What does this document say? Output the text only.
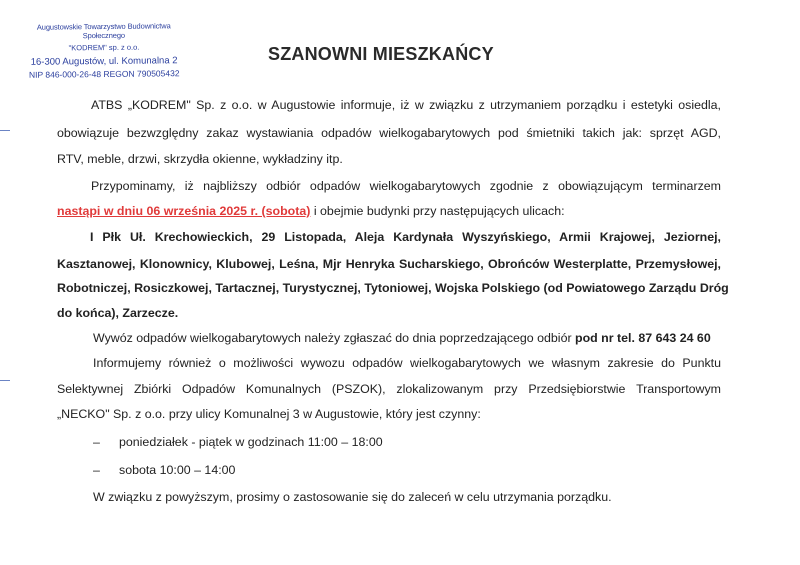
Augustowskie Towarzystwo Budownictwa Społecznego
"KODREM" sp. z o.o.
16-300 Augustów, ul. Komunalna 2
NIP 846-000-26-48 REGON 790505432
SZANOWNI MIESZKAŃCY
ATBS „KODREM" Sp. z o.o. w Augustowie informuje, iż w związku z utrzymaniem porządku i estetyki osiedla,
obowiązuje bezwzględny zakaz wystawiania odpadów wielkogabarytowych pod śmietniki takich jak: sprzęt AGD,
RTV, meble, drzwi, skrzydła okienne, wykładziny itp.
Przypominamy, iż najbliższy odbiór odpadów wielkogabarytowych zgodnie z obowiązującym terminarzem
nastąpi w dniu 06 września 2025 r. (sobota) i obejmie budynki przy następujących ulicach:
I Płk Uł. Krechowieckich, 29 Listopada, Aleja Kardynała Wyszyńskiego, Armii Krajowej, Jeziornej,
Kasztanowej, Klonownicy, Klubowej, Leśna, Mjr Henryka Sucharskiego, Obrońców Westerplatte, Przemysłowej,
Robotniczej, Rosiczkowej, Tartacznej, Turystycznej, Tytoniowej, Wojska Polskiego (od Powiatowego Zarządu Dróg
do końca), Zarzecze.
Wywóz odpadów wielkogabarytowych należy zgłaszać do dnia poprzedzającego odbiór pod nr tel. 87 643 24 60
Informujemy również o możliwości wywozu odpadów wielkogabarytowych we własnym zakresie do Punktu
Selektywnej Zbiórki Odpadów Komunalnych (PSZOK), zlokalizowanym przy Przedsiębiorstwie Transportowym
„NECKO" Sp. z o.o. przy ulicy Komunalnej 3 w Augustowie, który jest czynny:
– poniedziałek - piątek w godzinach 11:00 – 18:00
– sobota 10:00 – 14:00
W związku z powyższym, prosimy o zastosowanie się do zaleceń w celu utrzymania porządku.
